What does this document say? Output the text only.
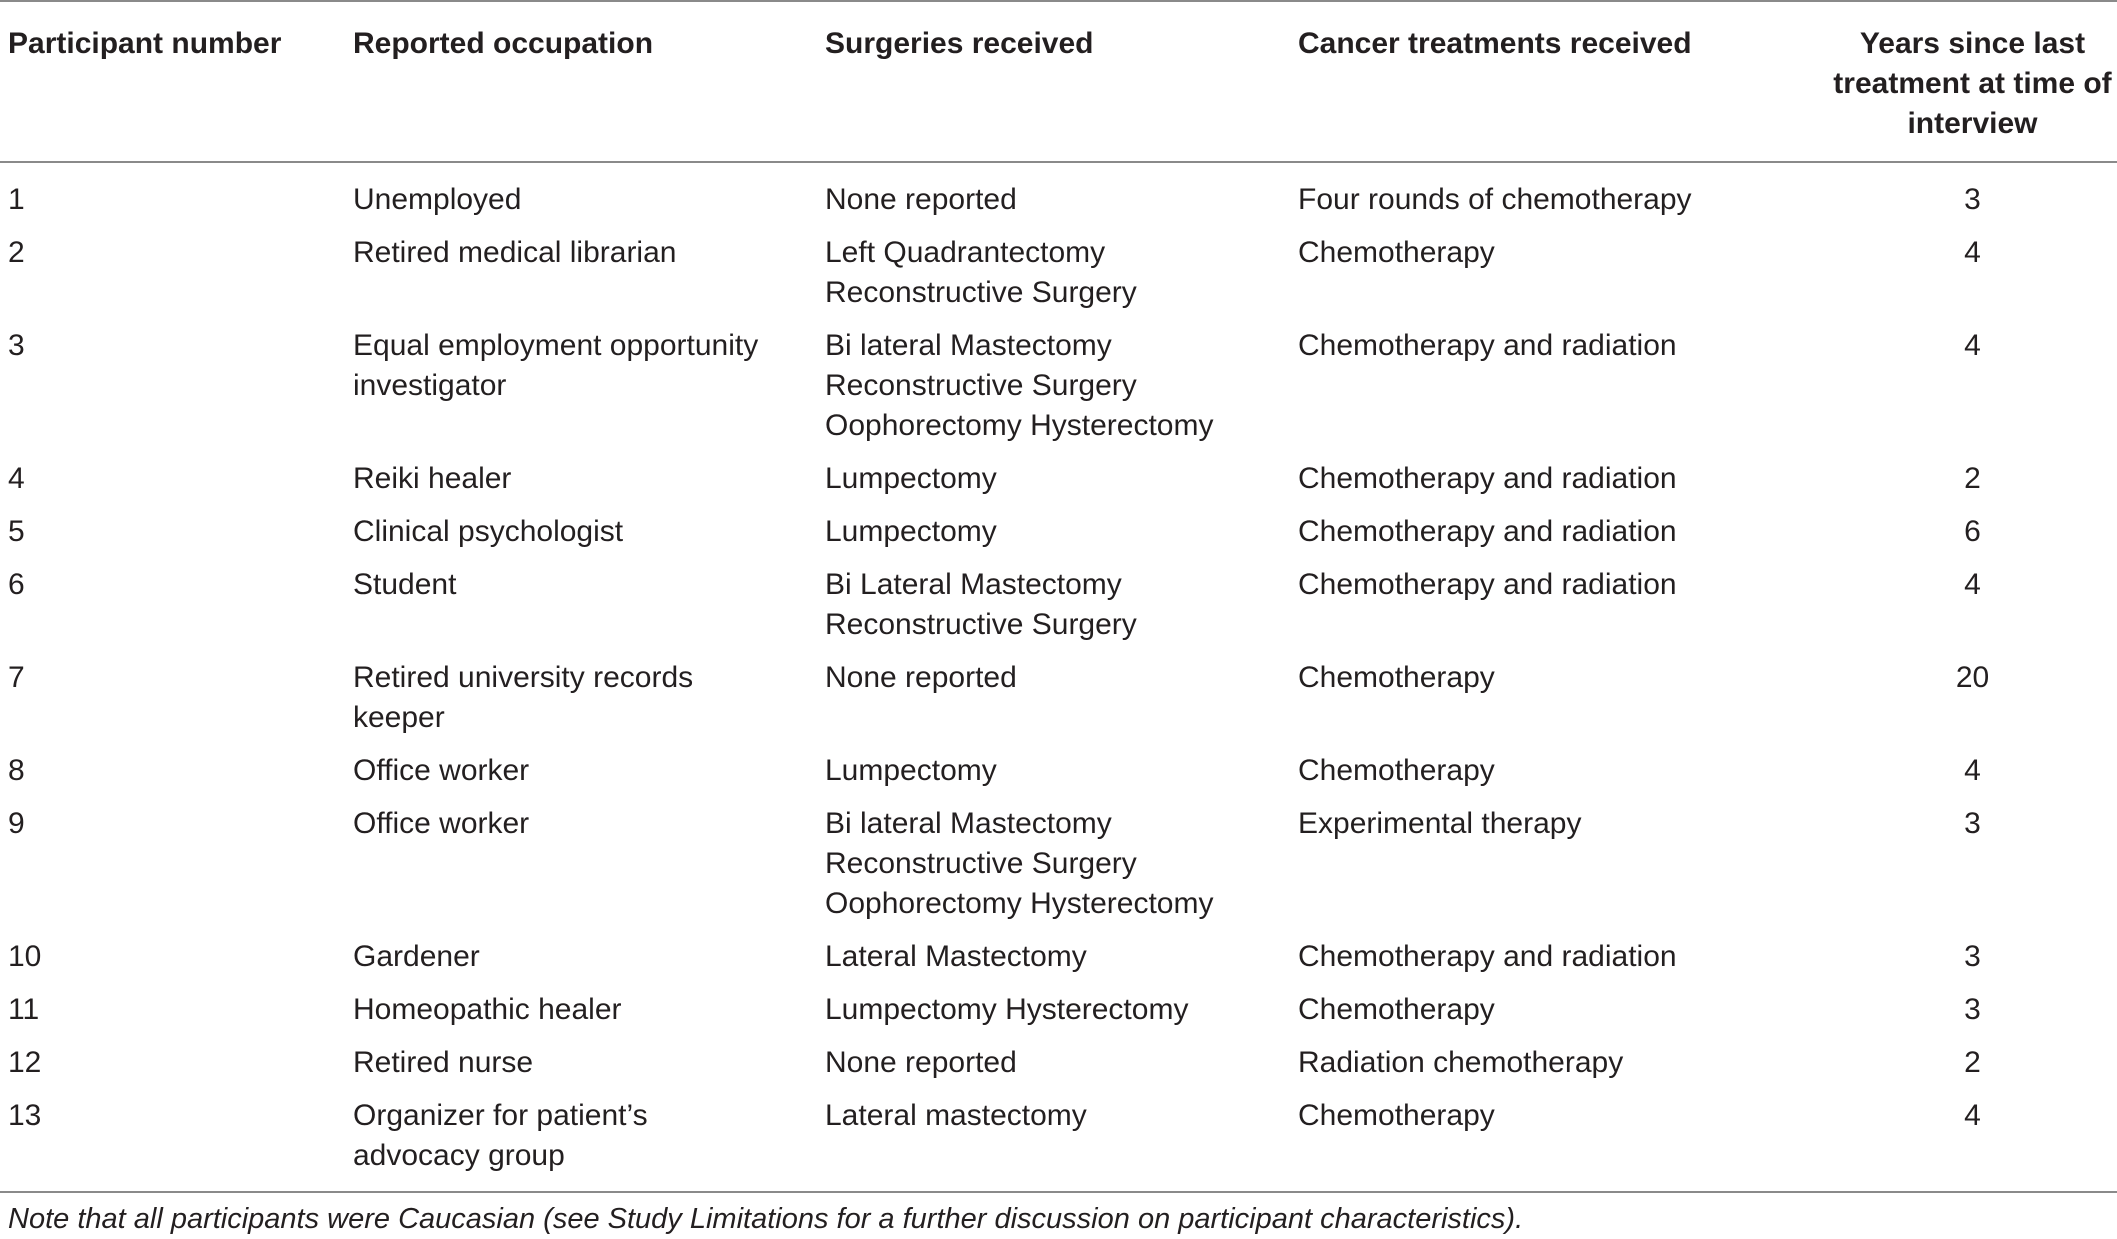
Participant number	Reported occupation	Surgeries received	Cancer treatments received	Years since last
treatment at time of
interview
1	Unemployed	None reported	Four rounds of chemotherapy	3
2	Retired medical librarian	Left Quadrantectomy
Reconstructive Surgery	Chemotherapy	4
3	Equal employment opportunity
investigator	Bi lateral Mastectomy
Reconstructive Surgery
Oophorectomy Hysterectomy	Chemotherapy and radiation	4
4	Reiki healer	Lumpectomy	Chemotherapy and radiation	2
5	Clinical psychologist	Lumpectomy	Chemotherapy and radiation	6
6	Student	Bi Lateral Mastectomy
Reconstructive Surgery	Chemotherapy and radiation	4
7	Retired university records
keeper	None reported	Chemotherapy	20
8	Office worker	Lumpectomy	Chemotherapy	4
9	Office worker	Bi lateral Mastectomy
Reconstructive Surgery
Oophorectomy Hysterectomy	Experimental therapy	3
10	Gardener	Lateral Mastectomy	Chemotherapy and radiation	3
11	Homeopathic healer	Lumpectomy Hysterectomy	Chemotherapy	3
12	Retired nurse	None reported	Radiation chemotherapy	2
13	Organizer for patient’s
advocacy group	Lateral mastectomy	Chemotherapy	4
Note that all participants were Caucasian (see Study Limitations for a further discussion on participant characteristics).				
